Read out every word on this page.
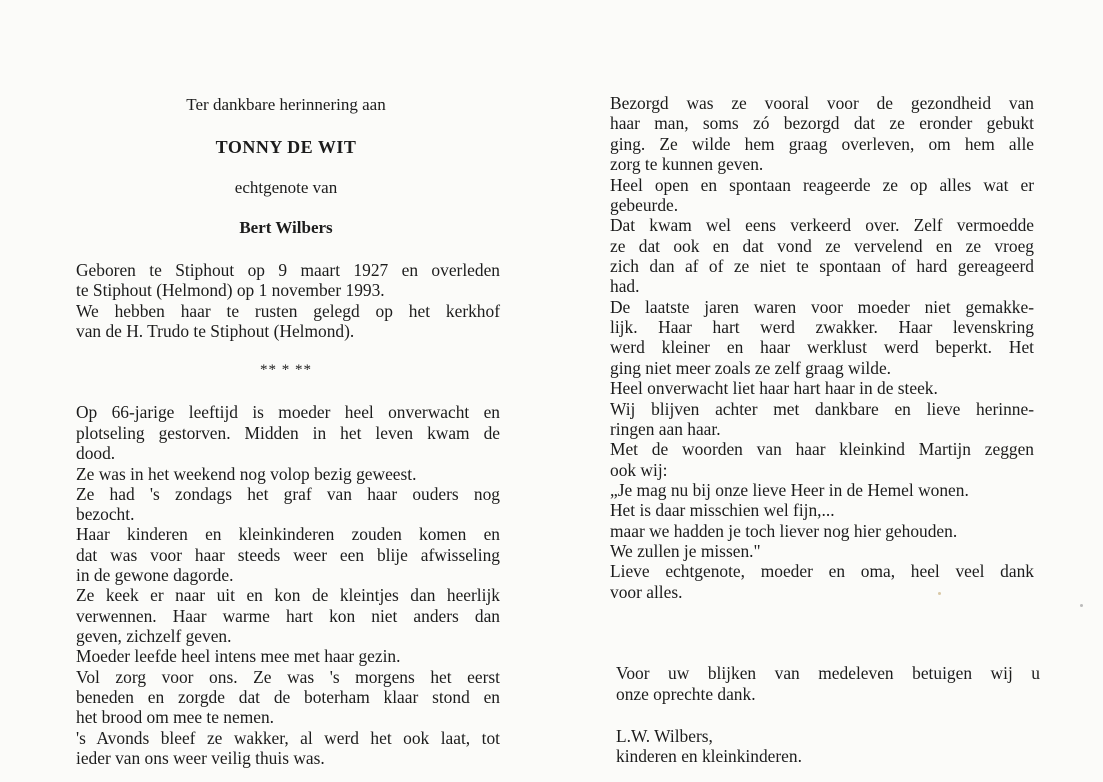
Ter dankbare herinnering aan
TONNY DE WIT
echtgenote van
Bert Wilbers
Geboren te Stiphout op 9 maart 1927 en overleden
te Stiphout (Helmond) op 1 november 1993.
We hebben haar te rusten gelegd op het kerkhof
van de H. Trudo te Stiphout (Helmond).
** * **
Op 66-jarige leeftijd is moeder heel onverwacht en
plotseling gestorven. Midden in het leven kwam de
dood.
Ze was in het weekend nog volop bezig geweest.
Ze had 's zondags het graf van haar ouders nog
bezocht.
Haar kinderen en kleinkinderen zouden komen en
dat was voor haar steeds weer een blije afwisseling
in de gewone dagorde.
Ze keek er naar uit en kon de kleintjes dan heerlijk
verwennen. Haar warme hart kon niet anders dan
geven, zichzelf geven.
Moeder leefde heel intens mee met haar gezin.
Vol zorg voor ons. Ze was 's morgens het eerst
beneden en zorgde dat de boterham klaar stond en
het brood om mee te nemen.
's Avonds bleef ze wakker, al werd het ook laat, tot
ieder van ons weer veilig thuis was.
Bezorgd was ze vooral voor de gezondheid van
haar man, soms zó bezorgd dat ze eronder gebukt
ging. Ze wilde hem graag overleven, om hem alle
zorg te kunnen geven.
Heel open en spontaan reageerde ze op alles wat er
gebeurde.
Dat kwam wel eens verkeerd over. Zelf vermoedde
ze dat ook en dat vond ze vervelend en ze vroeg
zich dan af of ze niet te spontaan of hard gereageerd
had.
De laatste jaren waren voor moeder niet gemakke-
lijk. Haar hart werd zwakker. Haar levenskring
werd kleiner en haar werklust werd beperkt. Het
ging niet meer zoals ze zelf graag wilde.
Heel onverwacht liet haar hart haar in de steek.
Wij blijven achter met dankbare en lieve herinne-
ringen aan haar.
Met de woorden van haar kleinkind Martijn zeggen
ook wij:
„Je mag nu bij onze lieve Heer in de Hemel wonen.
Het is daar misschien wel fijn,...
maar we hadden je toch liever nog hier gehouden.
We zullen je missen."
Lieve echtgenote, moeder en oma, heel veel dank
voor alles.
Voor uw blijken van medeleven betuigen wij u
onze oprechte dank.
L.W. Wilbers,
kinderen en kleinkinderen.
